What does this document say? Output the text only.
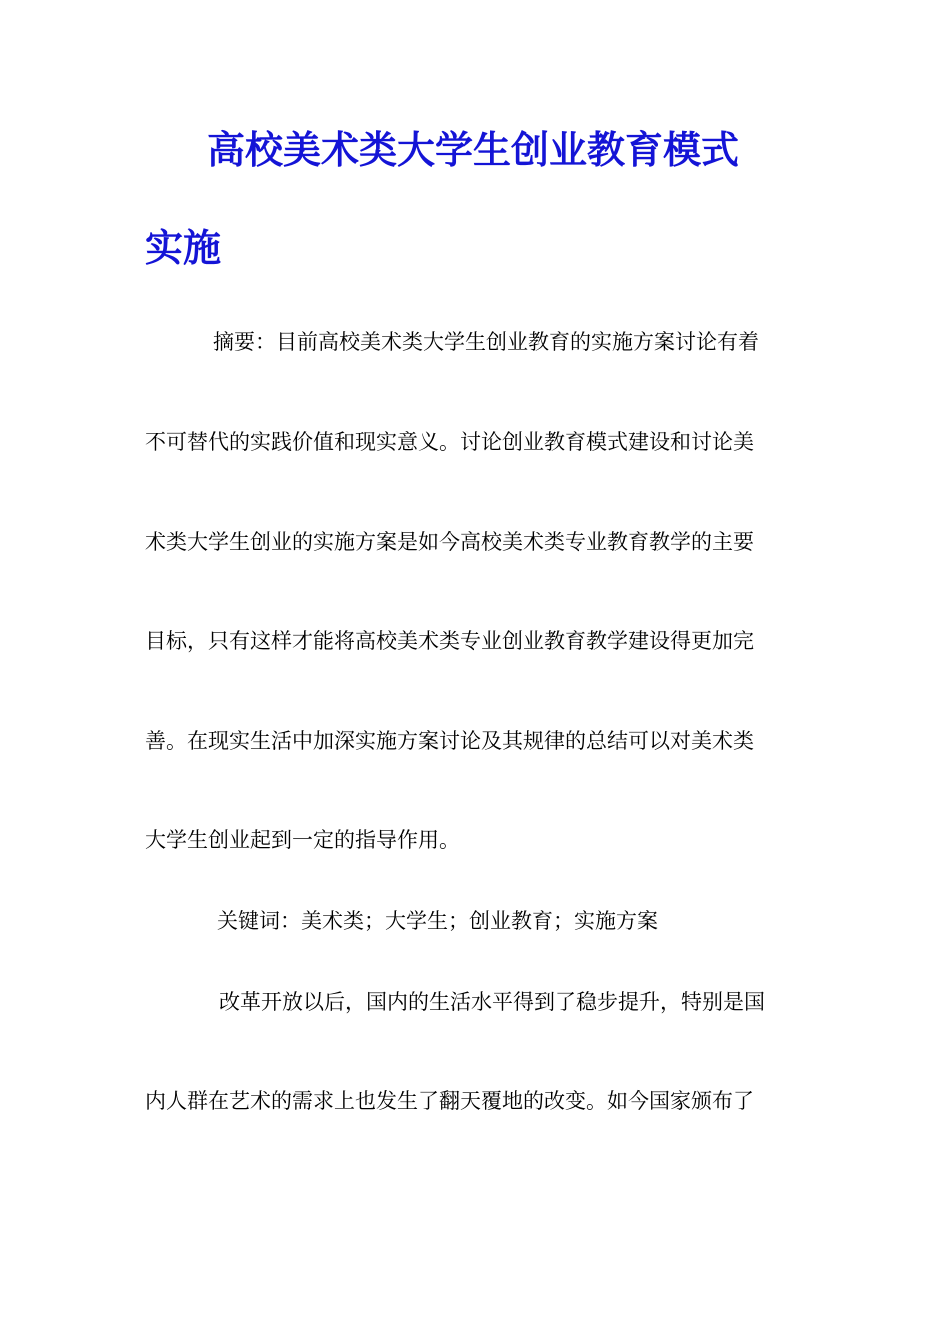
高校美术类大学生创业教育模式
实施
摘要：目前高校美术类大学生创业教育的实施方案讨论有着
不可替代的实践价值和现实意义。讨论创业教育模式建设和讨论美
术类大学生创业的实施方案是如今高校美术类专业教育教学的主要
目标，只有这样才能将高校美术类专业创业教育教学建设得更加完
善。在现实生活中加深实施方案讨论及其规律的总结可以对美术类
大学生创业起到一定的指导作用。
关键词：美术类；大学生；创业教育；实施方案
改革开放以后，国内的生活水平得到了稳步提升，特别是国
内人群在艺术的需求上也发生了翻天覆地的改变。如今国家颁布了
